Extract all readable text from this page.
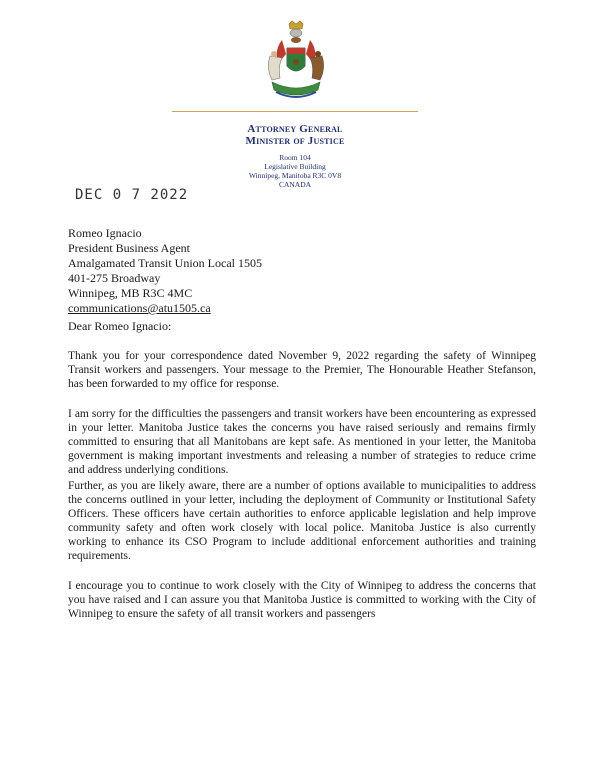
Attorney General
Minister of Justice
Room 104
Legislative Building
Winnipeg, Manitoba R3C 0V8
CANADA
DEC 0 7 2022
Romeo Ignacio
President Business Agent
Amalgamated Transit Union Local 1505
401-275 Broadway
Winnipeg, MB R3C 4MC
communications@atu1505.ca
Dear Romeo Ignacio:
Thank you for your correspondence dated November 9, 2022 regarding the safety of Winnipeg Transit workers and passengers. Your message to the Premier, The Honourable Heather Stefanson, has been forwarded to my office for response.
I am sorry for the difficulties the passengers and transit workers have been encountering as expressed in your letter. Manitoba Justice takes the concerns you have raised seriously and remains firmly committed to ensuring that all Manitobans are kept safe. As mentioned in your letter, the Manitoba government is making important investments and releasing a number of strategies to reduce crime and address underlying conditions.
Further, as you are likely aware, there are a number of options available to municipalities to address the concerns outlined in your letter, including the deployment of Community or Institutional Safety Officers. These officers have certain authorities to enforce applicable legislation and help improve community safety and often work closely with local police. Manitoba Justice is also currently working to enhance its CSO Program to include additional enforcement authorities and training requirements.
I encourage you to continue to work closely with the City of Winnipeg to address the concerns that you have raised and I can assure you that Manitoba Justice is committed to working with the City of Winnipeg to ensure the safety of all transit workers and passengers
